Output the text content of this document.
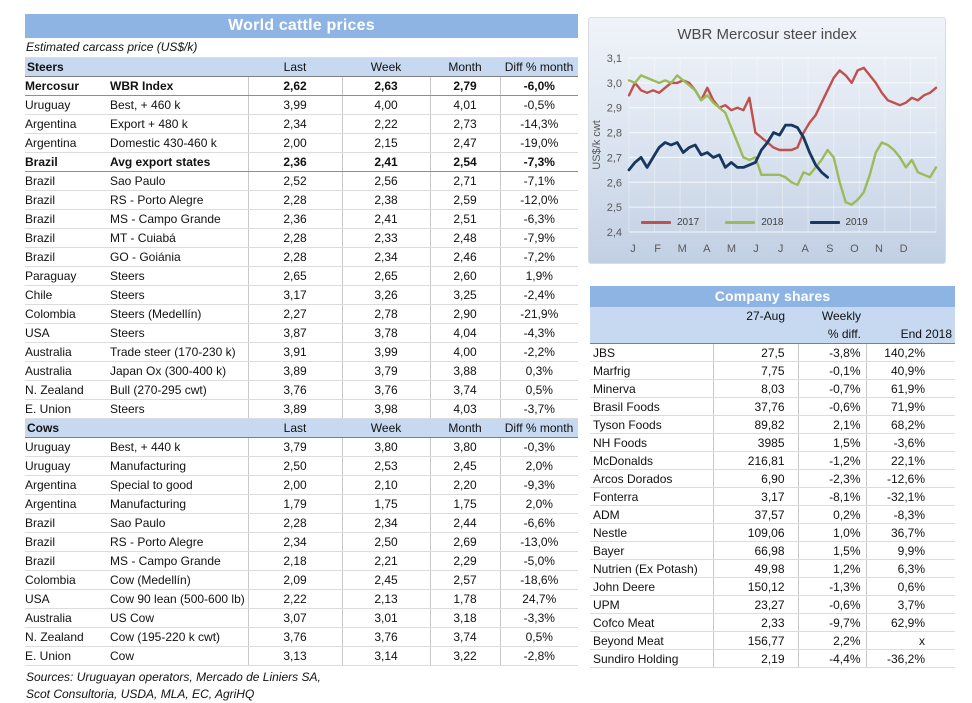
World cattle prices
Estimated carcass price (US$/k)
Steers		Last	Week	Month	Diff % month
Mercosur	WBR Index	2,62	2,63	2,79	-6,0%
Uruguay	Best, + 460 k	3,99	4,00	4,01	-0,5%
Argentina	Export + 480 k	2,34	2,22	2,73	-14,3%
Argentina	Domestic 430-460 k	2,00	2,15	2,47	-19,0%
Brazil	Avg export states	2,36	2,41	2,54	-7,3%
Brazil	Sao Paulo	2,52	2,56	2,71	-7,1%
Brazil	RS - Porto Alegre	2,28	2,38	2,59	-12,0%
Brazil	MS - Campo Grande	2,36	2,41	2,51	-6,3%
Brazil	MT - Cuiabá	2,28	2,33	2,48	-7,9%
Brazil	GO - Goiánia	2,28	2,34	2,46	-7,2%
Paraguay	Steers	2,65	2,65	2,60	1,9%
Chile	Steers	3,17	3,26	3,25	-2,4%
Colombia	Steers (Medellín)	2,27	2,78	2,90	-21,9%
USA	Steers	3,87	3,78	4,04	-4,3%
Australia	Trade steer (170-230 k)	3,91	3,99	4,00	-2,2%
Australia	Japan Ox (300-400 k)	3,89	3,79	3,88	0,3%
N. Zealand	Bull (270-295 cwt)	3,76	3,76	3,74	0,5%
E. Union	Steers	3,89	3,98	4,03	-3,7%
Cows		Last	Week	Month	Diff % month
Uruguay	Best, + 440 k	3,79	3,80	3,80	-0,3%
Uruguay	Manufacturing	2,50	2,53	2,45	2,0%
Argentina	Special to good	2,00	2,10	2,20	-9,3%
Argentina	Manufacturing	1,79	1,75	1,75	2,0%
Brazil	Sao Paulo	2,28	2,34	2,44	-6,6%
Brazil	RS - Porto Alegre	2,34	2,50	2,69	-13,0%
Brazil	MS - Campo Grande	2,18	2,21	2,29	-5,0%
Colombia	Cow (Medellín)	2,09	2,45	2,57	-18,6%
USA	Cow 90 lean (500-600 lb)	2,22	2,13	1,78	24,7%
Australia	US Cow	3,07	3,01	3,18	-3,3%
N. Zealand	Cow (195-220 k cwt)	3,76	3,76	3,74	0,5%
E. Union	Cow	3,13	3,14	3,22	-2,8%
Sources: Uruguayan operators, Mercado de Liniers SA,
Scot Consultoria, USDA, MLA, EC, AgriHQ
WBR Mercosur steer index
3,1
3,0
2,9
2,8
2,7
2,6
2,5
2,4
J F M A M J J A S O N D
US$/k cwt
2017	2018	2019
Company shares
	27-Aug	Weekly	
		% diff.	End 2018
JBS	27,5	-3,8%	140,2%
Marfrig	7,75	-0,1%	40,9%
Minerva	8,03	-0,7%	61,9%
Brasil Foods	37,76	-0,6%	71,9%
Tyson Foods	89,82	2,1%	68,2%
NH Foods	3985	1,5%	-3,6%
McDonalds	216,81	-1,2%	22,1%
Arcos Dorados	6,90	-2,3%	-12,6%
Fonterra	3,17	-8,1%	-32,1%
ADM	37,57	0,2%	-8,3%
Nestle	109,06	1,0%	36,7%
Bayer	66,98	1,5%	9,9%
Nutrien (Ex Potash)	49,98	1,2%	6,3%
John Deere	150,12	-1,3%	0,6%
UPM	23,27	-0,6%	3,7%
Cofco Meat	2,33	-9,7%	62,9%
Beyond Meat	156,77	2,2%	x
Sundiro Holding	2,19	-4,4%	-36,2%
